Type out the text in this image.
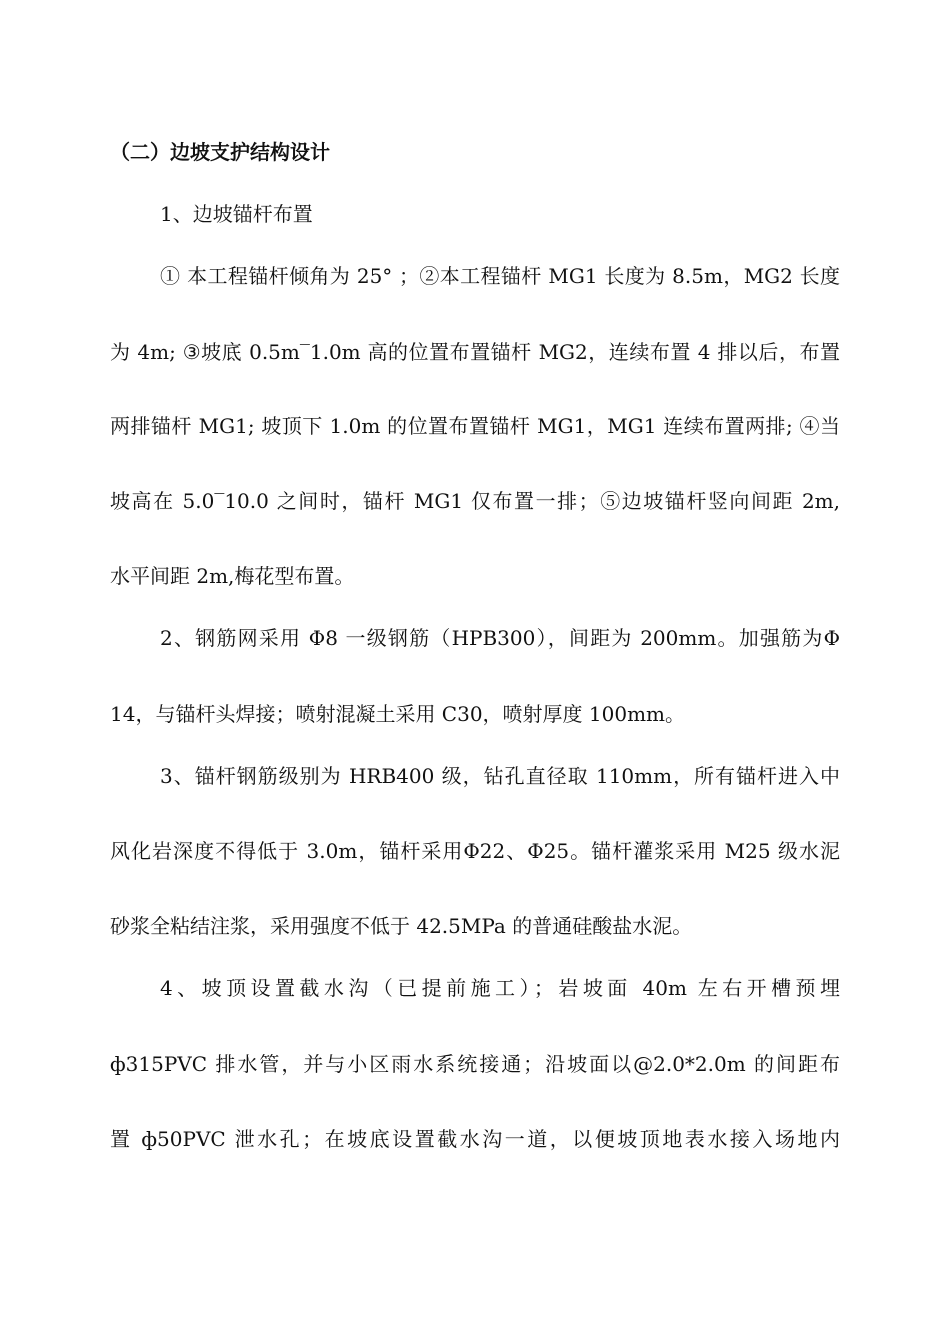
（二）边坡支护结构设计
1、边坡锚杆布置
① 本工程锚杆倾角为 25° ；②本工程锚杆 MG1 长度为 8.5m，MG2 长度
为 4m; ③坡底 0.5m‾1.0m 高的位置布置锚杆 MG2，连续布置 4 排以后，布置
两排锚杆 MG1; 坡顶下 1.0m 的位置布置锚杆 MG1，MG1 连续布置两排; ④当
坡高在 5.0‾10.0 之间时，锚杆 MG1 仅布置一排；⑤边坡锚杆竖向间距 2m,
水平间距 2m,梅花型布置。
2、钢筋网采用 Φ8 一级钢筋（HPB300），间距为 200mm。加强筋为Φ
14，与锚杆头焊接；喷射混凝土采用 C30，喷射厚度 100mm。
3、锚杆钢筋级别为 HRB400 级，钻孔直径取 110mm，所有锚杆进入中
风化岩深度不得低于 3.0m，锚杆采用Φ22、Φ25。锚杆灌浆采用 M25 级水泥
砂浆全粘结注浆，采用强度不低于 42.5MPa 的普通硅酸盐水泥。
4、坡顶设置截水沟（已提前施工）；岩坡面 40m 左右开槽预埋
ф315PVC 排水管，并与小区雨水系统接通；沿坡面以@2.0*2.0m 的间距布
置 ф50PVC 泄水孔；在坡底设置截水沟一道，以便坡顶地表水接入场地内
